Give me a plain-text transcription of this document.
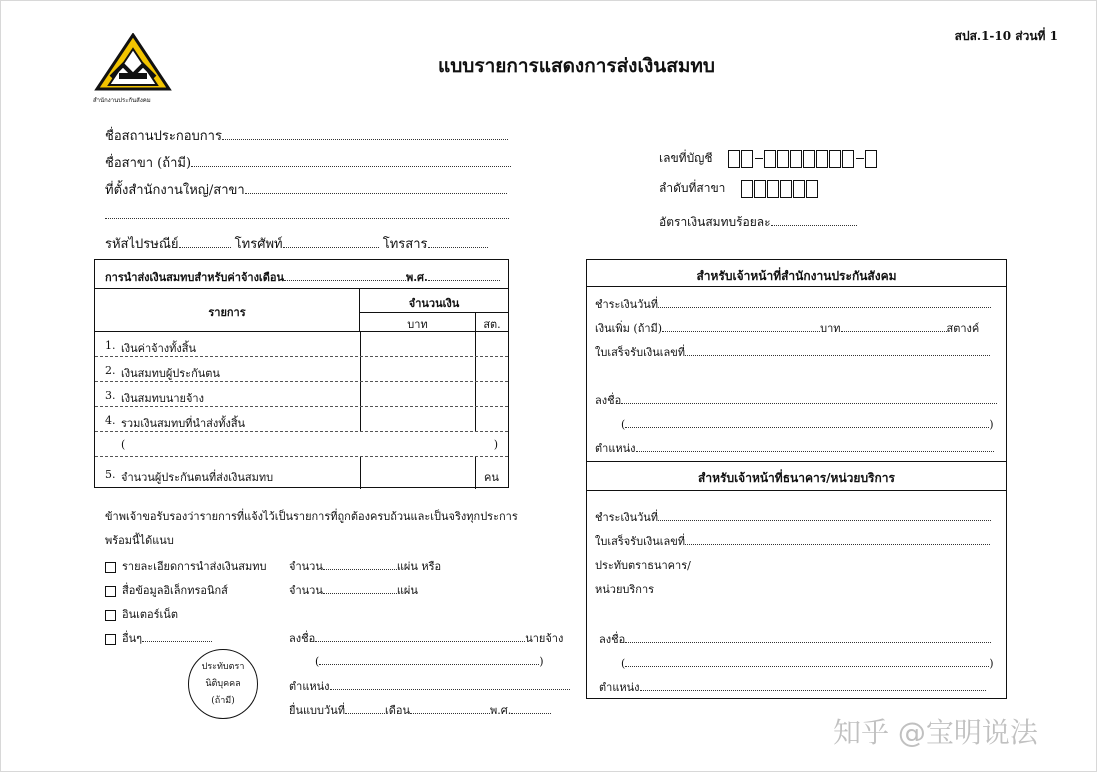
สปส.1-10 ส่วนที่ 1
สำนักงานประกันสังคม
แบบรายการแสดงการส่งเงินสมทบ
ชื่อสถานประกอบการ
ชื่อสาขา (ถ้ามี)
ที่ตั้งสำนักงานใหญ่/สาขา
รหัสไปรษณีย์	โทรศัพท์	โทรสาร
เลขที่บัญชี
ลำดับที่สาขา
อัตราเงินสมทบร้อยละ
การนำส่งเงินสมทบสำหรับค่าจ้างเดือน	พ.ศ.
รายการ
จำนวนเงิน
บาท	สต.
1. เงินค่าจ้างทั้งสิ้น
2. เงินสมทบผู้ประกันตน
3. เงินสมทบนายจ้าง
4. รวมเงินสมทบที่นำส่งทั้งสิ้น
(	)
5. จำนวนผู้ประกันตนที่ส่งเงินสมทบ	คน
ข้าพเจ้าขอรับรองว่ารายการที่แจ้งไว้เป็นรายการที่ถูกต้องครบถ้วนและเป็นจริงทุกประการ
พร้อมนี้ได้แนบ
รายละเอียดการนำส่งเงินสมทบ จำนวน	แผ่น หรือ
สื่อข้อมูลอิเล็กทรอนิกส์	จำนวน	แผ่น
อินเตอร์เน็ต
อื่นๆ	ลงชื่อ	นายจ้าง
(	)
ตำแหน่ง
ยื่นแบบวันที่	เดือน	พ.ศ.
ประทับตรา
นิติบุคคล
(ถ้ามี)
สำหรับเจ้าหน้าที่สำนักงานประกันสังคม
ชำระเงินวันที่
เงินเพิ่ม (ถ้ามี)	บาท	สตางค์
ใบเสร็จรับเงินเลขที่
ลงชื่อ
(	)
ตำแหน่ง
สำหรับเจ้าหน้าที่ธนาคาร/หน่วยบริการ
ชำระเงินวันที่
ใบเสร็จรับเงินเลขที่
ประทับตราธนาคาร/
หน่วยบริการ
ลงชื่อ
(	)
ตำแหน่ง
知乎 @宝明说法
